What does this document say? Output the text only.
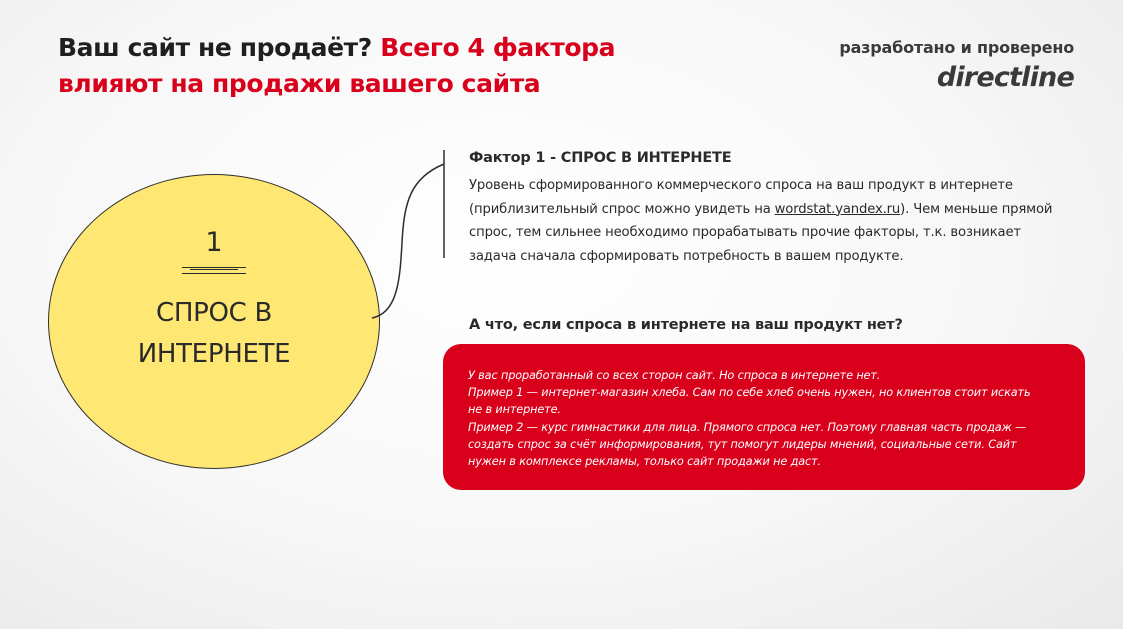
Ваш сайт не продаёт? Всего 4 фактора
влияют на продажи вашего сайта
разработано и проверено
directline
1
СПРОС В
ИНТЕРНЕТЕ
Фактор 1 - СПРОС В ИНТЕРНЕТЕ
Уровень сформированного коммерческого спроса на ваш продукт в интернете (приблизительный спрос можно увидеть на wordstat.yandex.ru). Чем меньше прямой спрос, тем сильнее необходимо прорабатывать прочие факторы, т.к. возникает задача сначала сформировать потребность в вашем продукте.
А что, если спроса в интернете на ваш продукт нет?
У вас проработанный со всех сторон сайт. Но спроса в интернете нет.
Пример 1 — интернет-магазин хлеба. Сам по себе хлеб очень нужен, но клиентов стоит искать
не в интернете.
Пример 2 — курс гимнастики для лица. Прямого спроса нет. Поэтому главная часть продаж —
создать спрос за счёт информирования, тут помогут лидеры мнений, социальные сети. Сайт
нужен в комплексе рекламы, только сайт продажи не даст.
